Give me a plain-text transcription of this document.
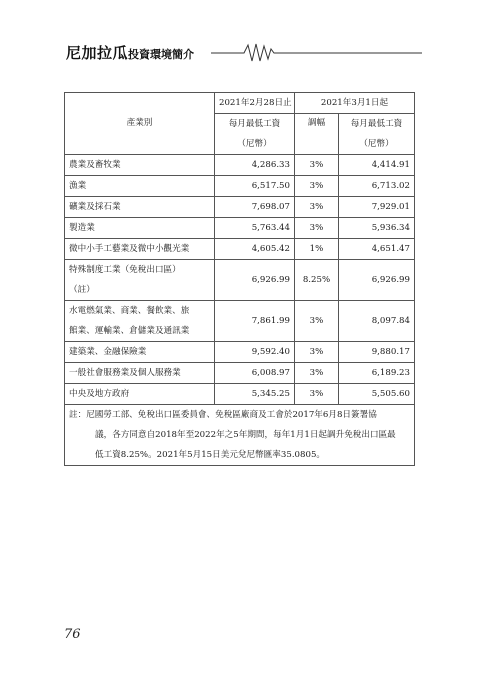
尼加拉瓜投資環境簡介
產業別	2021年2月28日止	2021年3月1日起	
	每月最低工資	調幅	每月最低工資
	（尼幣）		（尼幣）
農業及畜牧業	4,286.33	3%	4,414.91
漁業	6,517.50	3%	6,713.02
礦業及採石業	7,698.07	3%	7,929.01
製造業	5,763.44	3%	5,936.34
微中小手工藝業及微中小觀光業	4,605.42	1%	4,651.47

特殊制度工業（免稅出口區）
（註）	6,926.99	8.25%	6,926.99

水電燃氣業、商業、餐飲業、旅
館業、運輸業、倉儲業及通訊業	7,861.99	3%	8,097.84

建築業、金融保險業	9,592.40	3%	9,880.17
一般社會服務業及個人服務業	6,008.97	3%	6,189.23
中央及地方政府	5,345.25	3%	5,505.60

註：尼國勞工部、免稅出口區委員會、免稅區廠商及工會於2017年6月8日簽署協
議，各方同意自2018年至2022年之5年期間，每年1月1日起調升免稅出口區最
低工資8.25%。2021年5月15日美元兌尼幣匯率35.0805。			
76
